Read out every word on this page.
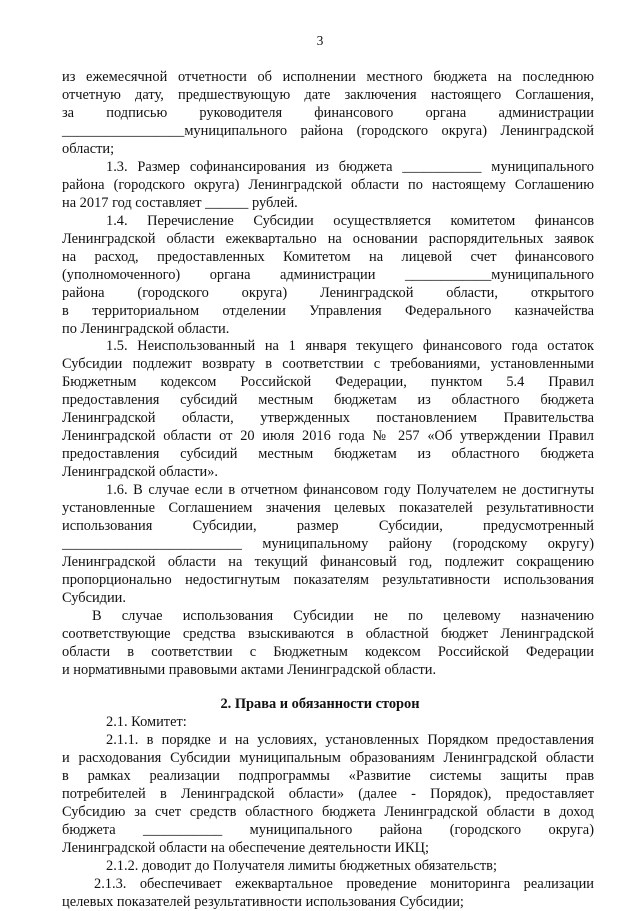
3
из ежемесячной отчетности об исполнении местного бюджета на последнюю
отчетную дату, предшествующую дате заключения настоящего Соглашения,
за подписью руководителя финансового органа администрации
_________________муниципального района (городского округа) Ленинградской
области;
1.3. Размер софинансирования из бюджета ___________ муниципального
района (городского округа) Ленинградской области по настоящему Соглашению
на 2017 год составляет ______ рублей.
1.4. Перечисление Субсидии осуществляется комитетом финансов
Ленинградской области ежеквартально на основании распорядительных заявок
на расход, предоставленных Комитетом на лицевой счет финансового
(уполномоченного) органа администрации ____________муниципального
района (городского округа) Ленинградской области, открытого
в территориальном отделении Управления Федерального казначейства
по Ленинградской области.
1.5. Неиспользованный на 1 января текущего финансового года остаток
Субсидии подлежит возврату в соответствии с требованиями, установленными
Бюджетным кодексом Российской Федерации, пунктом 5.4 Правил
предоставления субсидий местным бюджетам из областного бюджета
Ленинградской области, утвержденных постановлением Правительства
Ленинградской области от 20 июля 2016 года № 257 «Об утверждении Правил
предоставления субсидий местным бюджетам из областного бюджета
Ленинградской области».
1.6. В случае если в отчетном финансовом году Получателем не достигнуты
установленные Соглашением значения целевых показателей результативности
использования Субсидии, размер Субсидии, предусмотренный
_________________________ муниципальному району (городскому округу)
Ленинградской области на текущий финансовый год, подлежит сокращению
пропорционально недостигнутым показателям результативности использования
Субсидии.
В случае использования Субсидии не по целевому назначению
соответствующие средства взыскиваются в областной бюджет Ленинградской
области в соответствии с Бюджетным кодексом Российской Федерации
и нормативными правовыми актами Ленинградской области.
2. Права и обязанности сторон
2.1. Комитет:
2.1.1. в порядке и на условиях, установленных Порядком предоставления
и расходования Субсидии муниципальным образованиям Ленинградской области
в рамках реализации подпрограммы «Развитие системы защиты прав
потребителей в Ленинградской области» (далее - Порядок), предоставляет
Субсидию за счет средств областного бюджета Ленинградской области в доход
бюджета ___________ муниципального района (городского округа)
Ленинградской области на обеспечение деятельности ИКЦ;
2.1.2. доводит до Получателя лимиты бюджетных обязательств;
2.1.3. обеспечивает ежеквартальное проведение мониторинга реализации
целевых показателей результативности использования Субсидии;
